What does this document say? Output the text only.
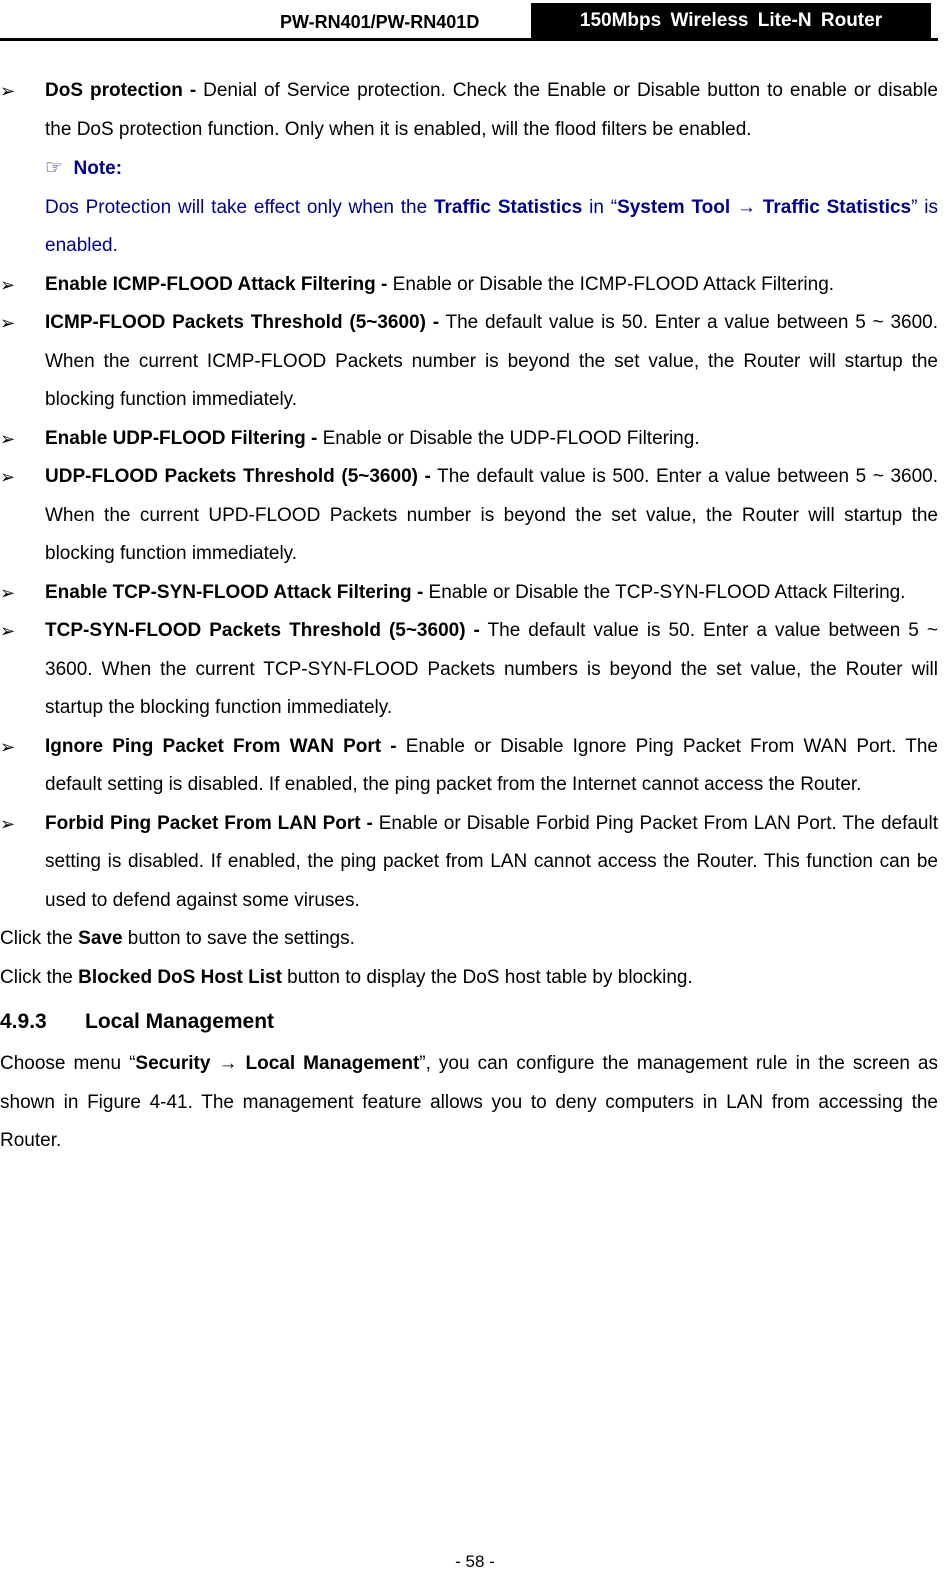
PW-RN401/PW-RN401D	150Mbps Wireless Lite-N Router
➢ DoS protection - Denial of Service protection. Check the Enable or Disable button to enable or disable the DoS protection function. Only when it is enabled, will the flood filters be enabled.
☞ Note:
Dos Protection will take effect only when the Traffic Statistics in “System Tool → Traffic Statistics” is enabled.
➢ Enable ICMP-FLOOD Attack Filtering - Enable or Disable the ICMP-FLOOD Attack Filtering.
➢ ICMP-FLOOD Packets Threshold (5~3600) - The default value is 50. Enter a value between 5 ~ 3600. When the current ICMP-FLOOD Packets number is beyond the set value, the Router will startup the blocking function immediately.
➢ Enable UDP-FLOOD Filtering - Enable or Disable the UDP-FLOOD Filtering.
➢ UDP-FLOOD Packets Threshold (5~3600) - The default value is 500. Enter a value between 5 ~ 3600. When the current UPD-FLOOD Packets number is beyond the set value, the Router will startup the blocking function immediately.
➢ Enable TCP-SYN-FLOOD Attack Filtering - Enable or Disable the TCP-SYN-FLOOD Attack Filtering.
➢ TCP-SYN-FLOOD Packets Threshold (5~3600) - The default value is 50. Enter a value between 5 ~ 3600. When the current TCP-SYN-FLOOD Packets numbers is beyond the set value, the Router will startup the blocking function immediately.
➢ Ignore Ping Packet From WAN Port - Enable or Disable Ignore Ping Packet From WAN Port. The default setting is disabled. If enabled, the ping packet from the Internet cannot access the Router.
➢ Forbid Ping Packet From LAN Port - Enable or Disable Forbid Ping Packet From LAN Port. The default setting is disabled. If enabled, the ping packet from LAN cannot access the Router. This function can be used to defend against some viruses.
Click the Save button to save the settings.
Click the Blocked DoS Host List button to display the DoS host table by blocking.
4.9.3 Local Management
Choose menu “Security → Local Management”, you can configure the management rule in the screen as shown in Figure 4-41. The management feature allows you to deny computers in LAN from accessing the Router.
- 58 -
